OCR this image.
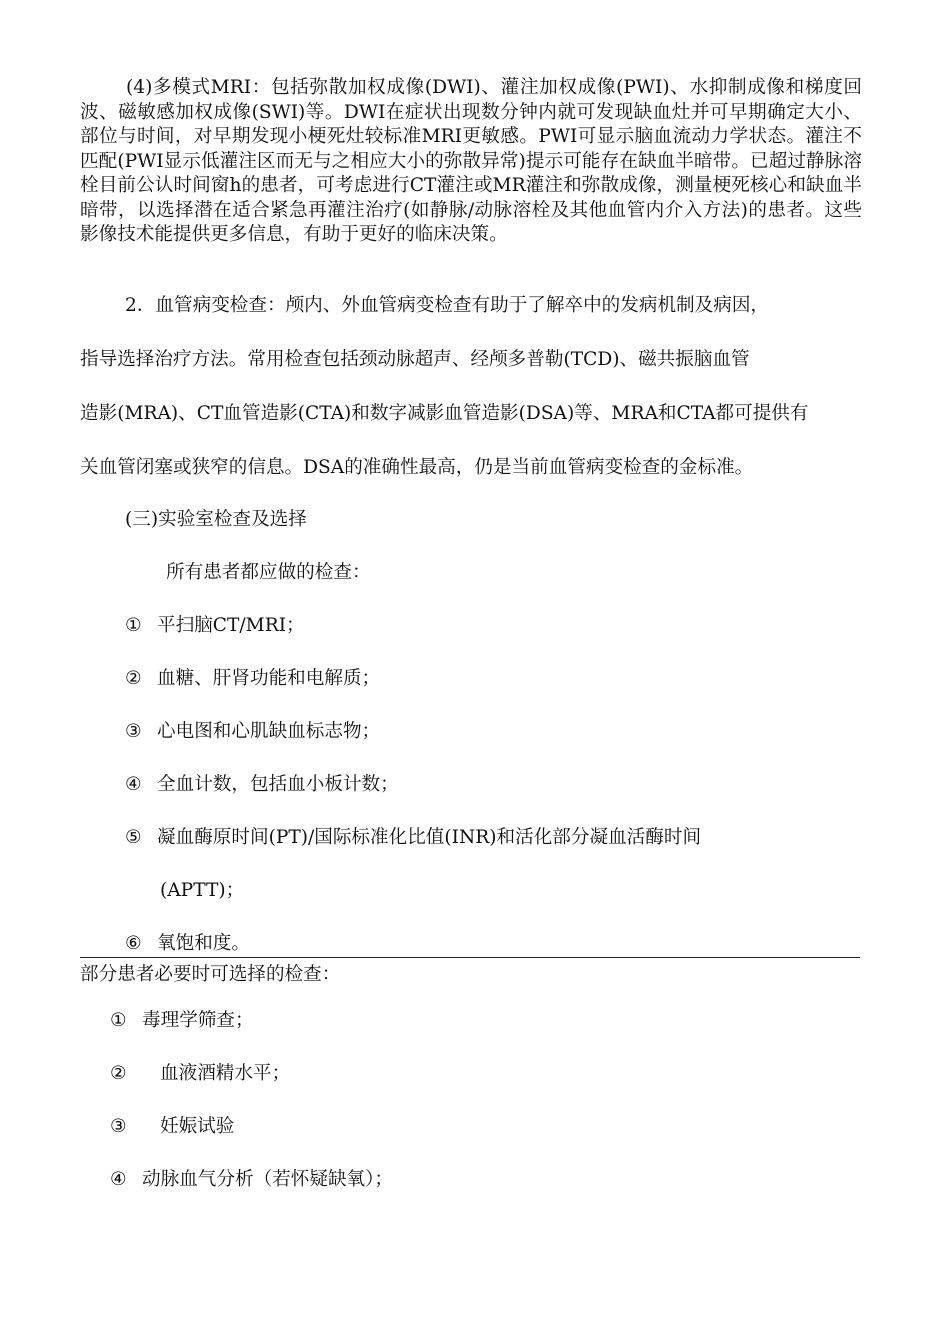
(4)多模式MRI：包括弥散加权成像(DWI)、灌注加权成像(PWI)、水抑制成像和梯度回波、磁敏感加权成像(SWI)等。DWI在症状出现数分钟内就可发现缺血灶并可早期确定大小、部位与时间，对早期发现小梗死灶较标准MRI更敏感。PWI可显示脑血流动力学状态。灌注不匹配(PWI显示低灌注区而无与之相应大小的弥散异常)提示可能存在缺血半暗带。已超过静脉溶栓目前公认时间窗h的患者，可考虑进行CT灌注或MR灌注和弥散成像，测量梗死核心和缺血半暗带，以选择潜在适合紧急再灌注治疗(如静脉/动脉溶栓及其他血管内介入方法)的患者。这些影像技术能提供更多信息，有助于更好的临床决策。

2．血管病变检查：颅内、外血管病变检查有助于了解卒中的发病机制及病因，

指导选择治疗方法。常用检查包括颈动脉超声、经颅多普勒(TCD)、磁共振脑血管

造影(MRA)、CT血管造影(CTA)和数字减影血管造影(DSA)等、MRA和CTA都可提供有

关血管闭塞或狭窄的信息。DSA的准确性最高，仍是当前血管病变检查的金标准。

(三)实验室检查及选择

所有患者都应做的检查：

① 平扫脑CT/MRI；

② 血糖、肝肾功能和电解质；

③ 心电图和心肌缺血标志物；

④ 全血计数，包括血小板计数；

⑤ 凝血酶原时间(PT)/国际标准化比值(INR)和活化部分凝血活酶时间

(APTT)；

⑥ 氧饱和度。

部分患者必要时可选择的检查：

① 毒理学筛查；

② 血液酒精水平；

③ 妊娠试验

④ 动脉血气分析（若怀疑缺氧）；
